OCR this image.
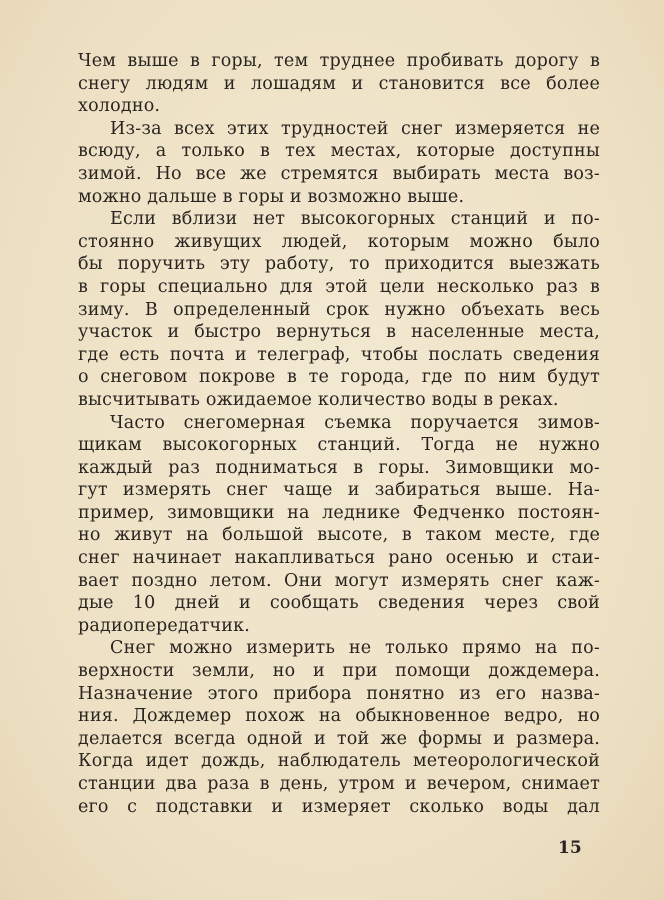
Чем выше в горы, тем труднее пробивать дорогу в
снегу людям и лошадям и становится все более
холодно.
Из-за всех этих трудностей снег измеряется не
всюду, а только в тех местах, которые доступны
зимой. Но все же стремятся выбирать места воз-
можно дальше в горы и возможно выше.
Если вблизи нет высокогорных станций и по-
стоянно живущих людей, которым можно было
бы поручить эту работу, то приходится выезжать
в горы специально для этой цели несколько раз в
зиму. В определенный срок нужно объехать весь
участок и быстро вернуться в населенные места,
где есть почта и телеграф, чтобы послать сведения
о снеговом покрове в те города, где по ним будут
высчитывать ожидаемое количество воды в реках.
Часто снегомерная съемка поручается зимов-
щикам высокогорных станций. Тогда не нужно
каждый раз подниматься в горы. Зимовщики мо-
гут измерять снег чаще и забираться выше. На-
пример, зимовщики на леднике Федченко постоян-
но живут на большой высоте, в таком месте, где
снег начинает накапливаться рано осенью и стаи-
вает поздно летом. Они могут измерять снег каж-
дые 10 дней и сообщать сведения через свой
радиопередатчик.
Снег можно измерить не только прямо на по-
верхности земли, но и при помощи дождемера.
Назначение этого прибора понятно из его назва-
ния. Дождемер похож на обыкновенное ведро, но
делается всегда одной и той же формы и размера.
Когда идет дождь, наблюдатель метеорологической
станции два раза в день, утром и вечером, снимает
его с подставки и измеряет сколько воды дал
15
